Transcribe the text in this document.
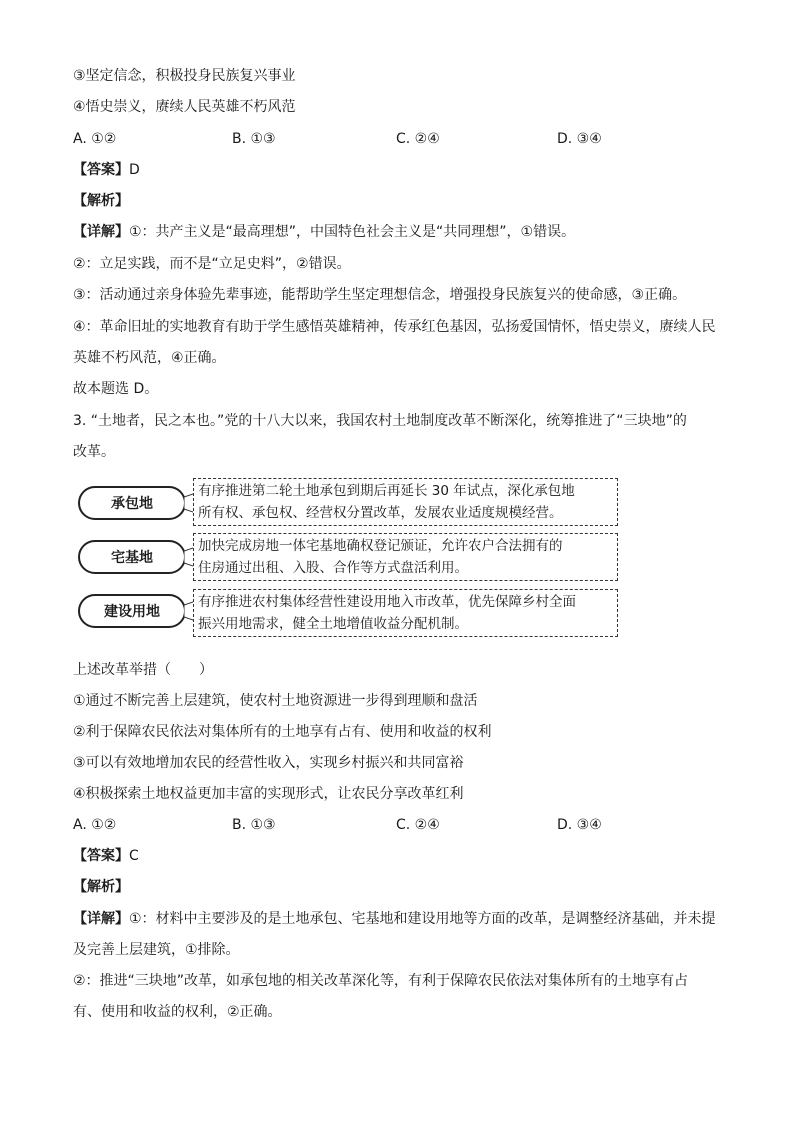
③坚定信念，积极投身民族复兴事业
④悟史崇义，赓续人民英雄不朽风范
A. ①②	B. ①③	C. ②④	D. ③④
【答案】D
【解析】
【详解】①：共产主义是“最高理想”，中国特色社会主义是“共同理想”，①错误。
②：立足实践，而不是“立足史料”，②错误。
③：活动通过亲身体验先辈事迹，能帮助学生坚定理想信念，增强投身民族复兴的使命感，③正确。
④：革命旧址的实地教育有助于学生感悟英雄精神，传承红色基因，弘扬爱国情怀，悟史崇义，赓续人民
英雄不朽风范，④正确。
故本题选 D。
3. “土地者，民之本也。”党的十八大以来，我国农村土地制度改革不断深化，统筹推进了“三块地”的
改革。
承包地
有序推进第二轮土地承包到期后再延长 30 年试点，深化承包地
所有权、承包权、经营权分置改革，发展农业适度规模经营。
宅基地
加快完成房地一体宅基地确权登记颁证，允许农户合法拥有的
住房通过出租、入股、合作等方式盘活利用。
建设用地
有序推进农村集体经营性建设用地入市改革，优先保障乡村全面
振兴用地需求，健全土地增值收益分配机制。
上述改革举措（　　）
①通过不断完善上层建筑，使农村土地资源进一步得到理顺和盘活
②利于保障农民依法对集体所有的土地享有占有、使用和收益的权利
③可以有效地增加农民的经营性收入，实现乡村振兴和共同富裕
④积极探索土地权益更加丰富的实现形式，让农民分享改革红利
A. ①②	B. ①③	C. ②④	D. ③④
【答案】C
【解析】
【详解】①：材料中主要涉及的是土地承包、宅基地和建设用地等方面的改革，是调整经济基础，并未提
及完善上层建筑，①排除。
②：推进“三块地”改革，如承包地的相关改革深化等，有利于保障农民依法对集体所有的土地享有占
有、使用和收益的权利，②正确。
